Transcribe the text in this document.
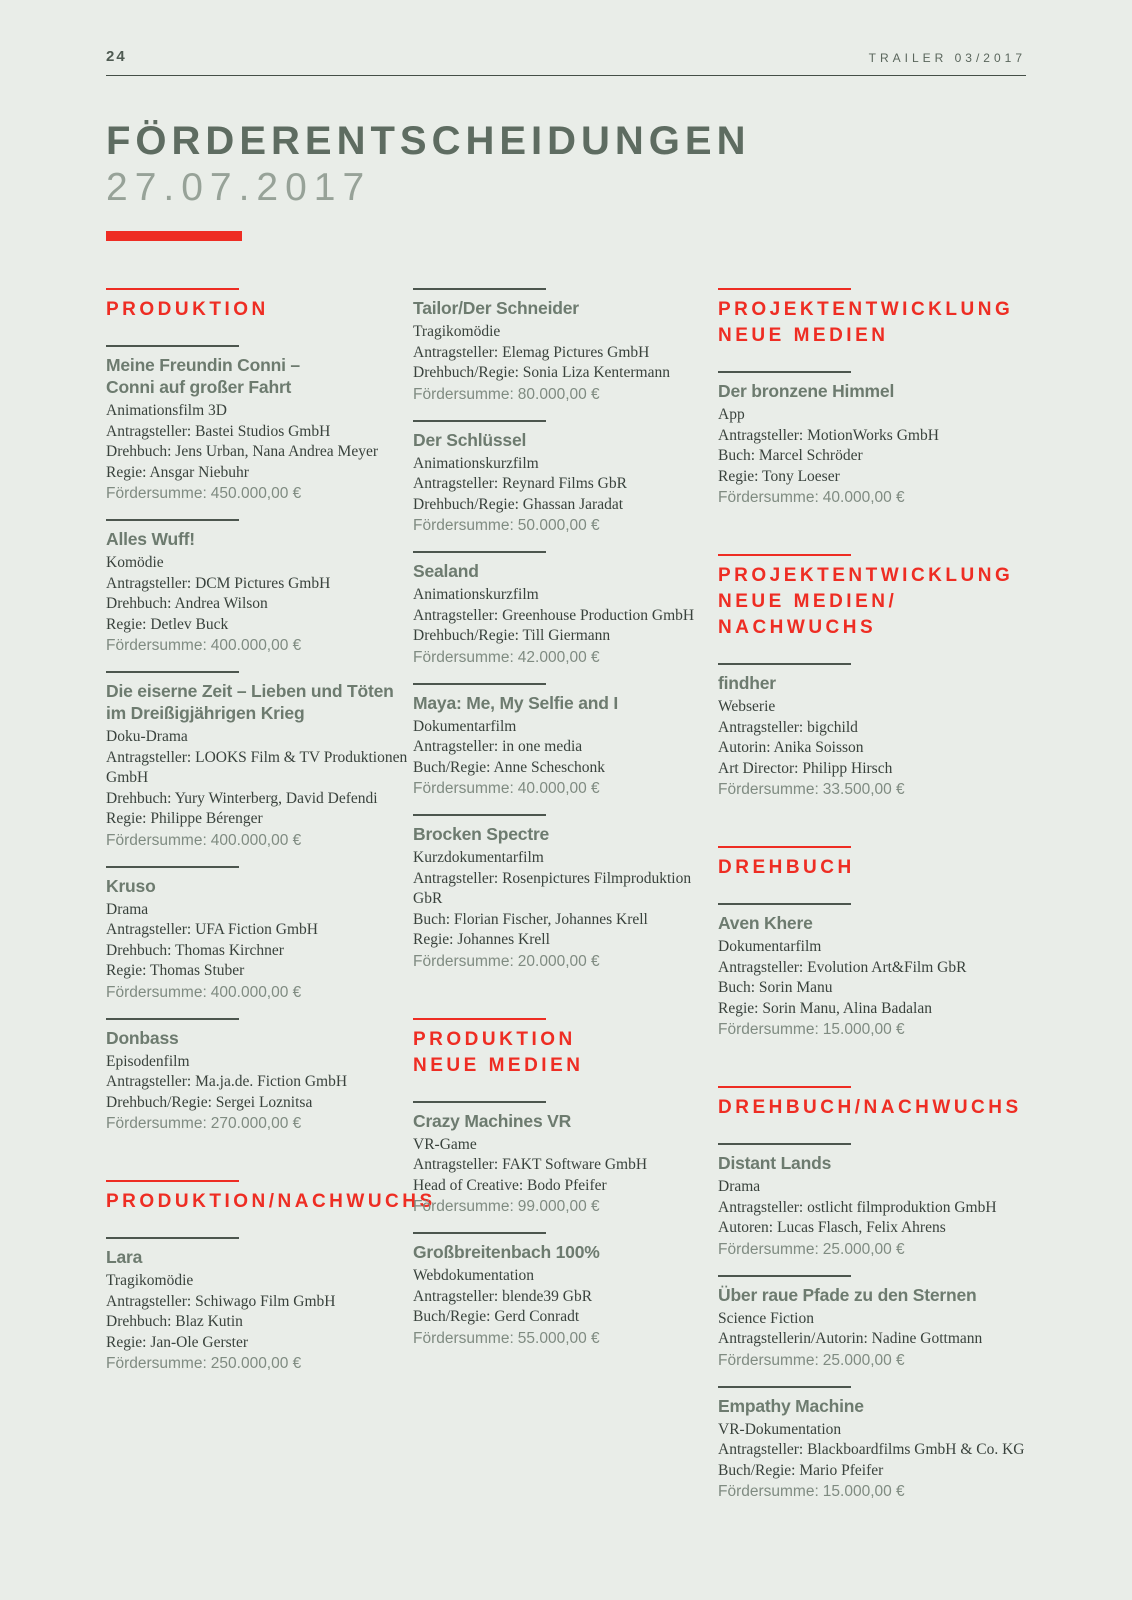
24	TRAILER 03/2017
FÖRDERENTSCHEIDUNGEN
27.07.2017
PRODUKTION
Meine Freundin Conni –
Conni auf großer Fahrt

Animationsfilm 3D

Antragsteller: Bastei Studios GmbH

Drehbuch: Jens Urban, Nana Andrea Meyer

Regie: Ansgar Niebuhr

Fördersumme: 450.000,00 €

Alles Wuff!

Komödie

Antragsteller: DCM Pictures GmbH

Drehbuch: Andrea Wilson

Regie: Detlev Buck

Fördersumme: 400.000,00 €

Die eiserne Zeit – Lieben und Töten
im Dreißigjährigen Krieg

Doku-Drama

Antragsteller: LOOKS Film & TV Produktionen

GmbH

Drehbuch: Yury Winterberg, David Defendi

Regie: Philippe Bérenger

Fördersumme: 400.000,00 €

Kruso

Drama

Antragsteller: UFA Fiction GmbH

Drehbuch: Thomas Kirchner

Regie: Thomas Stuber

Fördersumme: 400.000,00 €

Donbass

Episodenfilm

Antragsteller: Ma.ja.de. Fiction GmbH

Drehbuch/Regie: Sergei Loznitsa

Fördersumme: 270.000,00 €

PRODUKTION/NACHWUCHS
Lara

Tragikomödie

Antragsteller: Schiwago Film GmbH

Drehbuch: Blaz Kutin

Regie: Jan-Ole Gerster

Fördersumme: 250.000,00 €

Tailor/Der Schneider

Tragikomödie

Antragsteller: Elemag Pictures GmbH

Drehbuch/Regie: Sonia Liza Kentermann

Fördersumme: 80.000,00 €

Der Schlüssel

Animationskurzfilm

Antragsteller: Reynard Films GbR

Drehbuch/Regie: Ghassan Jaradat

Fördersumme: 50.000,00 €

Sealand

Animationskurzfilm

Antragsteller: Greenhouse Production GmbH

Drehbuch/Regie: Till Giermann

Fördersumme: 42.000,00 €

Maya: Me, My Selfie and I

Dokumentarfilm

Antragsteller: in one media

Buch/Regie: Anne Scheschonk

Fördersumme: 40.000,00 €

Brocken Spectre

Kurzdokumentarfilm

Antragsteller: Rosenpictures Filmproduktion

GbR

Buch: Florian Fischer, Johannes Krell

Regie: Johannes Krell

Fördersumme: 20.000,00 €

PRODUKTION
NEUE MEDIEN
Crazy Machines VR

VR-Game

Antragsteller: FAKT Software GmbH

Head of Creative: Bodo Pfeifer

Fördersumme: 99.000,00 €

Großbreitenbach 100%

Webdokumentation

Antragsteller: blende39 GbR

Buch/Regie: Gerd Conradt

Fördersumme: 55.000,00 €

PROJEKTENTWICKLUNG
NEUE MEDIEN
Der bronzene Himmel

App

Antragsteller: MotionWorks GmbH

Buch: Marcel Schröder

Regie: Tony Loeser

Fördersumme: 40.000,00 €

PROJEKTENTWICKLUNG
NEUE MEDIEN/
NACHWUCHS
findher

Webserie

Antragsteller: bigchild

Autorin: Anika Soisson

Art Director: Philipp Hirsch

Fördersumme: 33.500,00 €

DREHBUCH
Aven Khere

Dokumentarfilm

Antragsteller: Evolution Art&Film GbR

Buch: Sorin Manu

Regie: Sorin Manu, Alina Badalan

Fördersumme: 15.000,00 €

DREHBUCH/NACHWUCHS
Distant Lands

Drama

Antragsteller: ostlicht filmproduktion GmbH

Autoren: Lucas Flasch, Felix Ahrens

Fördersumme: 25.000,00 €

Über raue Pfade zu den Sternen

Science Fiction

Antragstellerin/Autorin: Nadine Gottmann

Fördersumme: 25.000,00 €

Empathy Machine

VR-Dokumentation

Antragsteller: Blackboardfilms GmbH & Co. KG

Buch/Regie: Mario Pfeifer

Fördersumme: 15.000,00 €
